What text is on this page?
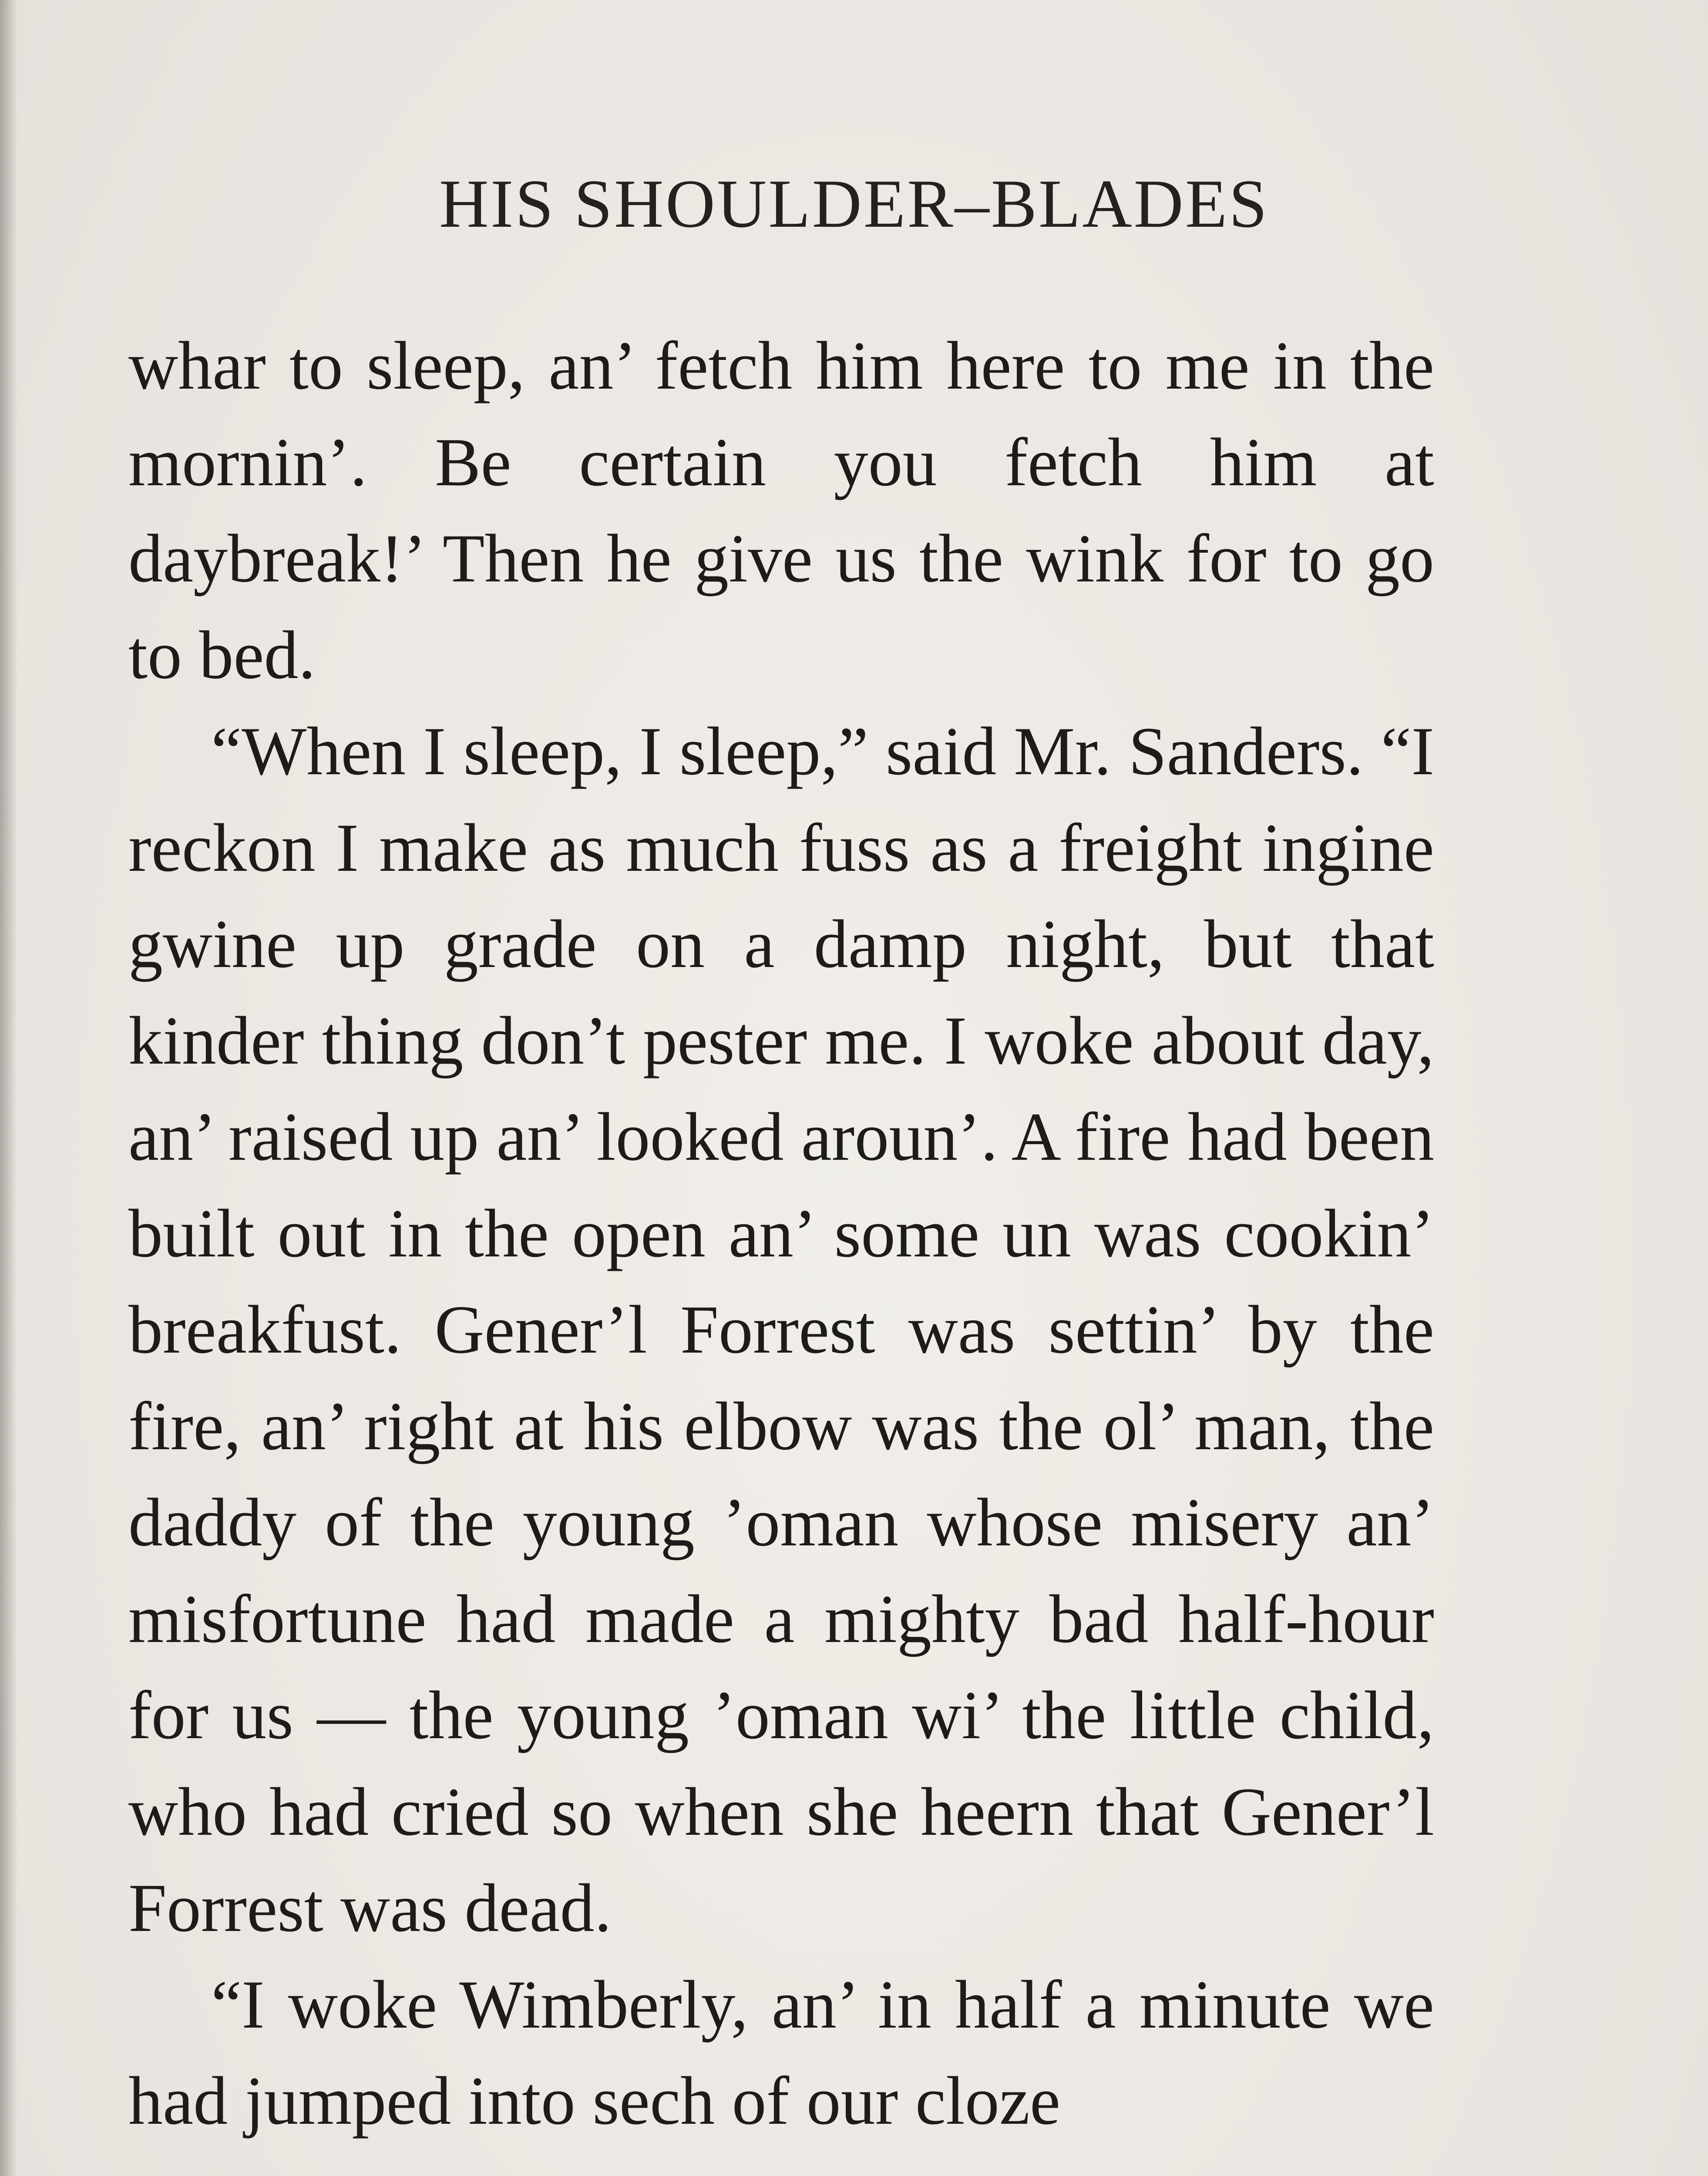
HIS SHOULDER–BLADES

whar to sleep, an’ fetch him here to me in the mornin’. Be certain you fetch him at daybreak!’ Then he give us the wink for to go to bed.

“When I sleep, I sleep,” said Mr. Sanders. “I reckon I make as much fuss as a freight ingine gwine up grade on a damp night, but that kinder thing don’t pester me. I woke about day, an’ raised up an’ looked aroun’. A fire had been built out in the open an’ some un was cookin’ breakfust. Gener’l Forrest was settin’ by the fire, an’ right at his elbow was the ol’ man, the daddy of the young ’oman whose misery an’ misfortune had made a mighty bad half-hour for us — the young ’oman wi’ the little child, who had cried so when she heern that Gener’l Forrest was dead.

“I woke Wimberly, an’ in half a minute we had jumped into sech of our cloze
